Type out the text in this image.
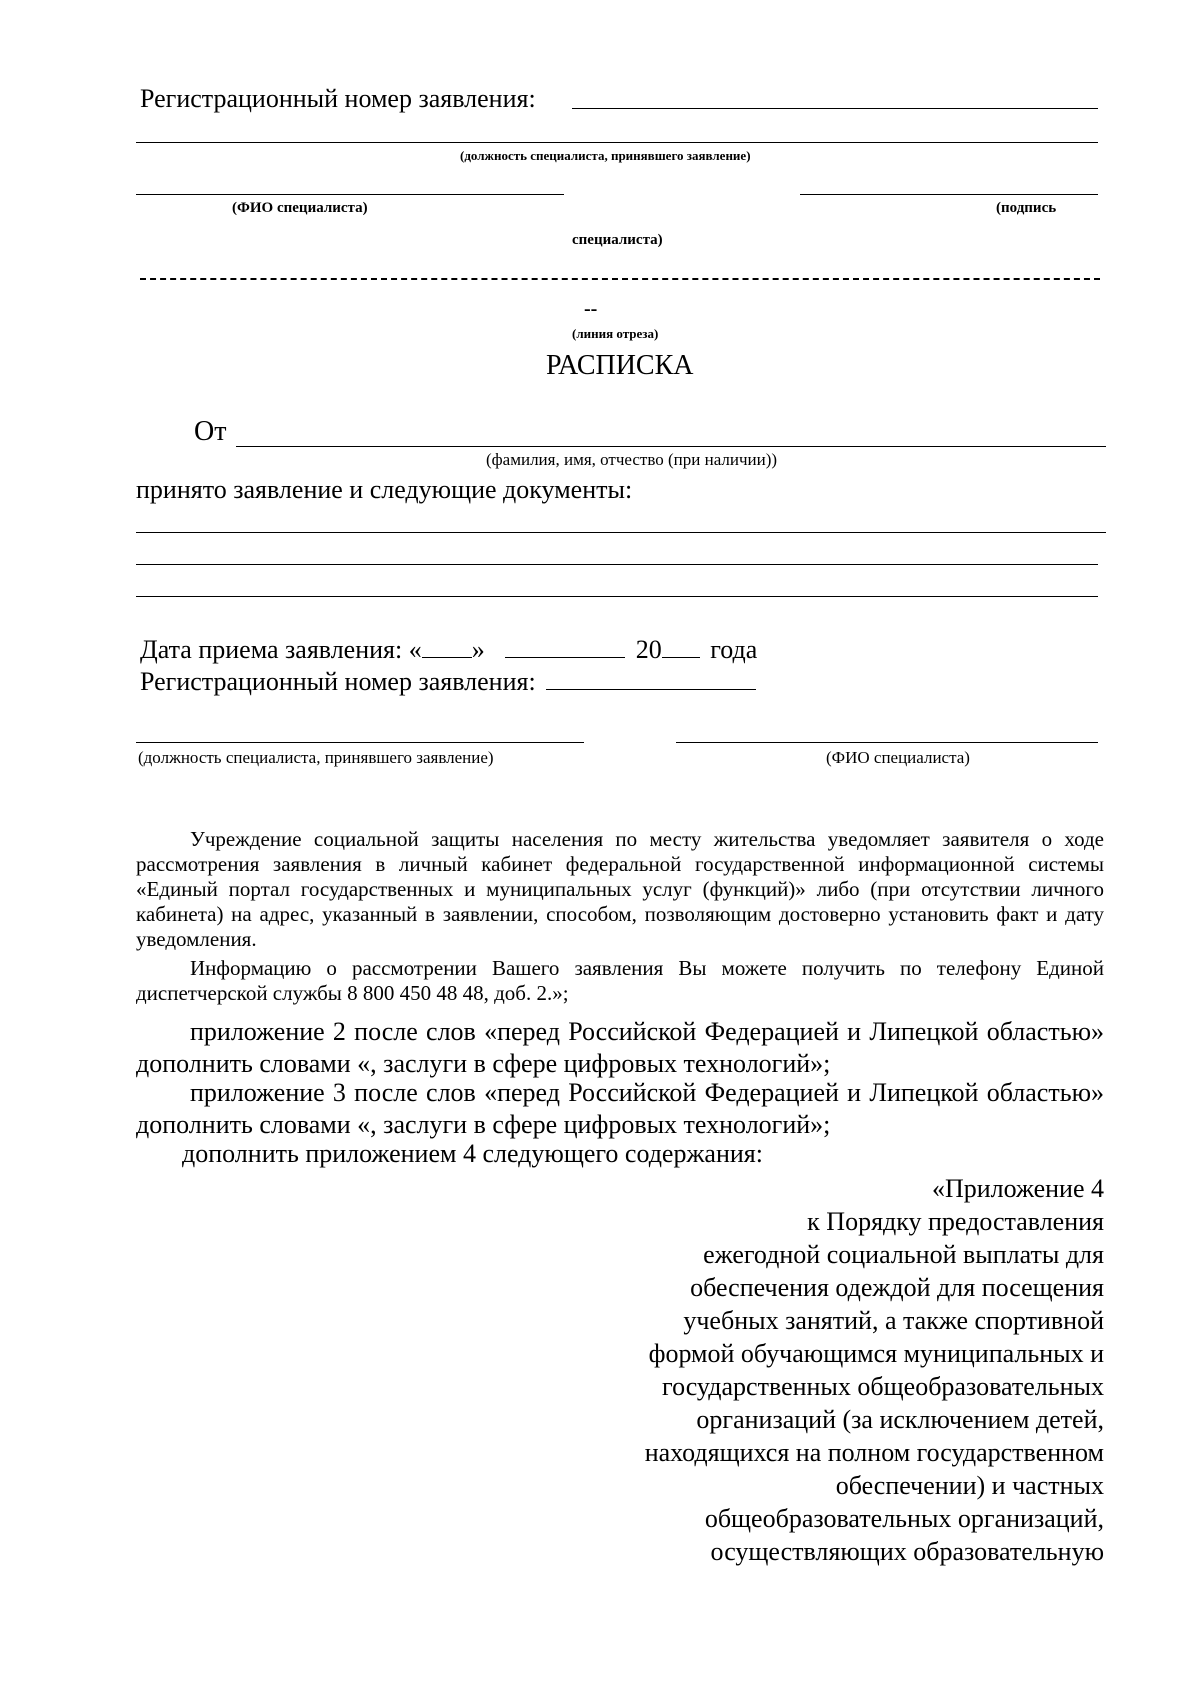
Регистрационный номер заявления:
(должность специалиста, принявшего заявление)
(ФИО специалиста)	(подпись
специалиста)
--
(линия отреза)
РАСПИСКА
От
(фамилия, имя, отчество (при наличии))
принято заявление и следующие документы:
Дата приема заявления: « »	20 года
Регистрационный номер заявления:
(должность специалиста, принявшего заявление)	(ФИО специалиста)
Учреждение социальной защиты населения по месту жительства уведомляет заявителя о ходе рассмотрения заявления в личный кабинет федеральной государственной информационной системы «Единый портал государственных и муниципальных услуг (функций)» либо (при отсутствии личного кабинета) на адрес, указанный в заявлении, способом, позволяющим достоверно установить факт и дату уведомления.
Информацию о рассмотрении Вашего заявления Вы можете получить по телефону Единой диспетчерской службы 8 800 450 48 48, доб. 2.»;
приложение 2 после слов «перед Российской Федерацией и Липецкой областью» дополнить словами «, заслуги в сфере цифровых технологий»;
приложение 3 после слов «перед Российской Федерацией и Липецкой областью» дополнить словами «, заслуги в сфере цифровых технологий»;
дополнить приложением 4 следующего содержания:
«Приложение 4
к Порядку предоставления
ежегодной социальной выплаты для
обеспечения одеждой для посещения
учебных занятий, а также спортивной
формой обучающимся муниципальных и
государственных общеобразовательных
организаций (за исключением детей,
находящихся на полном государственном
обеспечении) и частных
общеобразовательных организаций,
осуществляющих образовательную
